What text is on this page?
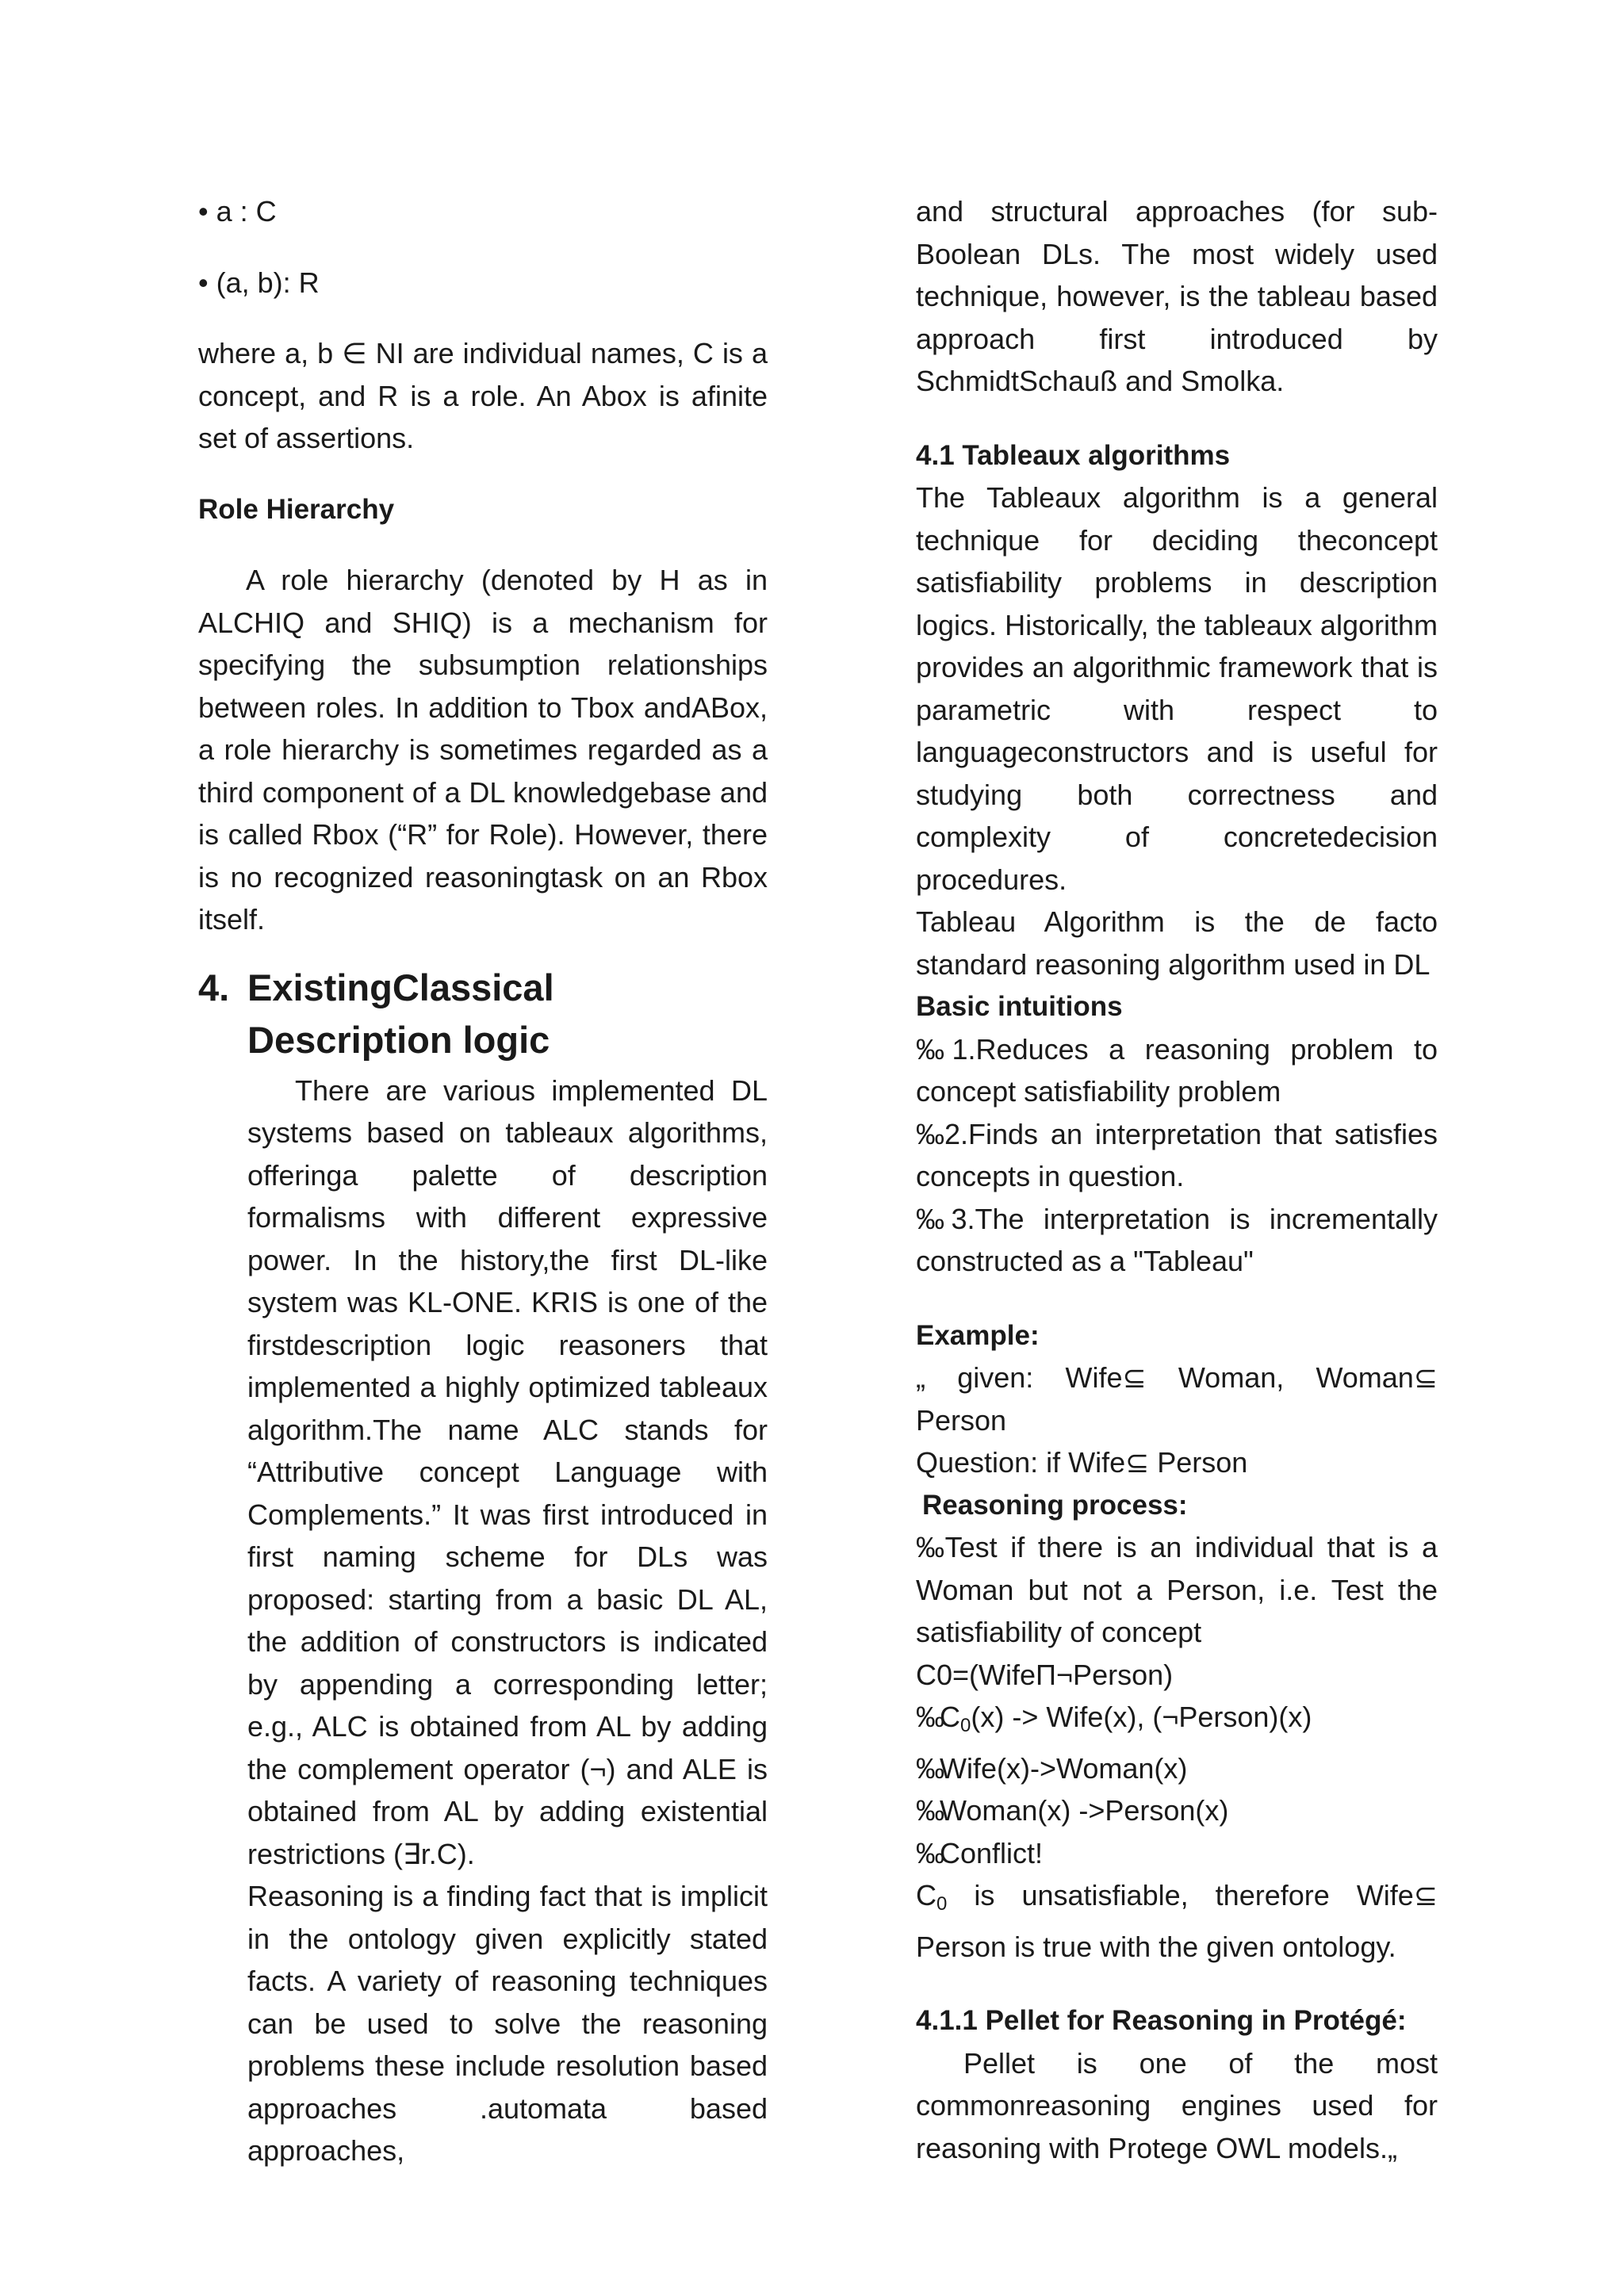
• a : C

• (a, b): R

where a, b ∈ NI are individual names, C is a concept, and R is a role. An Abox is afinite set of assertions.

Role Hierarchy

A role hierarchy (denoted by H as in ALCHIQ and SHIQ) is a mechanism for specifying the subsumption relationships between roles. In addition to Tbox andABox, a role hierarchy is sometimes regarded as a third component of a DL knowledgebase and is called Rbox (“R” for Role). However, there is no recognized reasoningtask on an Rbox itself.

4. ExistingClassical Description logic

There are various implemented DL systems based on tableaux algorithms, offeringa palette of description formalisms with different expressive power. In the history,the first DL-like system was KL-ONE. KRIS is one of the firstdescription logic reasoners that implemented a highly optimized tableaux algorithm.The name ALC stands for “Attributive concept Language with Complements.” It was first introduced in first naming scheme for DLs was proposed: starting from a basic DL AL, the addition of constructors is indicated by appending a corresponding letter; e.g., ALC is obtained from AL by adding the complement operator (¬) and ALE is obtained from AL by adding existential restrictions (∃r.C).

Reasoning is a finding fact that is implicit in the ontology given explicitly stated facts. A variety of reasoning techniques can be used to solve the reasoning problems these include resolution based approaches .automata based approaches,

and structural approaches (for sub-Boolean DLs. The most widely used technique, however, is the tableau based approach first introduced by SchmidtSchauß and Smolka.

4.1 Tableaux algorithms

The Tableaux algorithm is a general technique for deciding theconcept satisfiability problems in description logics. Historically, the tableaux algorithm provides an algorithmic framework that is parametric with respect to languageconstructors and is useful for studying both correctness and complexity of concretedecision procedures.

Tableau Algorithm is the de facto standard reasoning algorithm used in DL

Basic intuitions

‰1.Reduces a reasoning problem to concept satisfiability problem

‰2.Finds an interpretation that satisfies concepts in question.

‰3.The interpretation is incrementally constructed as a "Tableau"

Example:

„ given: Wife⊆ Woman, Woman⊆ Person

Question: if Wife⊆ Person

Reasoning process:

‰Test if there is an individual that is a Woman but not a Person, i.e. Test the satisfiability of concept

C0=(WifeΠ¬Person)

$‰C_0(x)$ -> Wife(x), (¬Person)(x)

‰Wife(x)->Woman(x)

‰Woman(x) ->Person(x)

‰Conflict!

$C_0$ is unsatisfiable, therefore Wife⊆ Person is true with the given ontology.

4.1.1 Pellet for Reasoning in Protégé:

Pellet is one of the most commonreasoning engines used for reasoning with Protege OWL models.„
